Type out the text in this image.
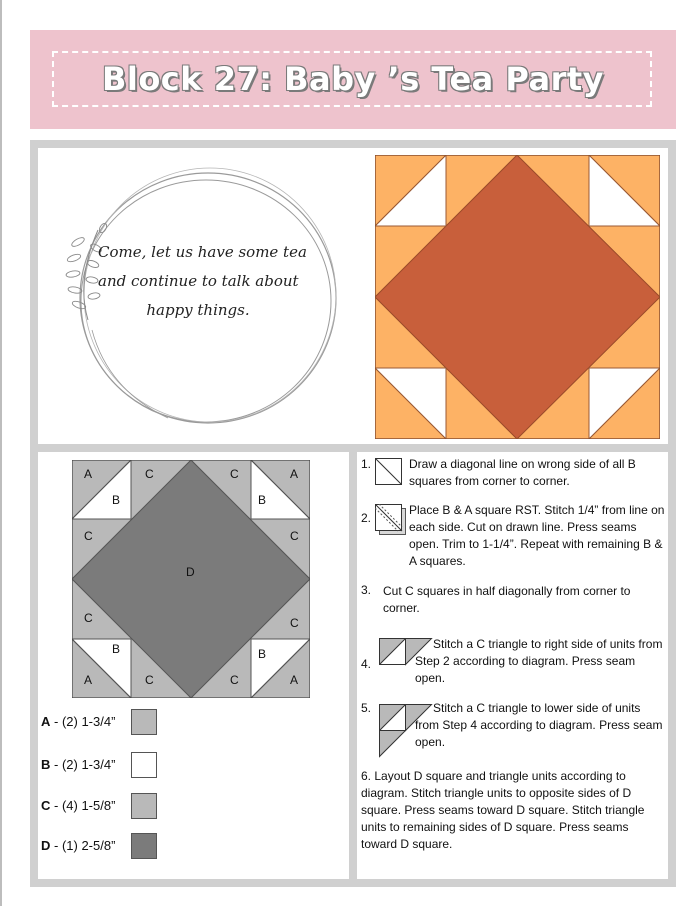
Block 27: Baby ’s Tea Party
Come, let us have some tea
and continue to talk about
happy things.
A
B
C	C	A
B
C	C
D
C	C
B	B
A	C	C	A
A - (2) 1-3/4”
B - (2) 1-3/4”
C - (4) 1-5/8”
D - (1) 2-5/8”
1.	Draw a diagonal line on wrong side of all B squares from corner to corner.
2.
Place B & A square RST. Stitch 1/4” from line on each side. Cut on drawn line. Press seams open. Trim to 1-1/4”. Repeat with remaining B & A squares.
3. Cut C squares in half diagonally from corner to corner.
4.
Stitch a C triangle to right side of units from Step 2 according to diagram. Press seam open.
5.	Stitch a C triangle to lower side of units from Step 4 according to diagram. Press seam open.
6. Layout D square and triangle units according to diagram. Stitch triangle units to opposite sides of D square. Press seams toward D square. Stitch triangle units to remaining sides of D square. Press seams toward D square.
